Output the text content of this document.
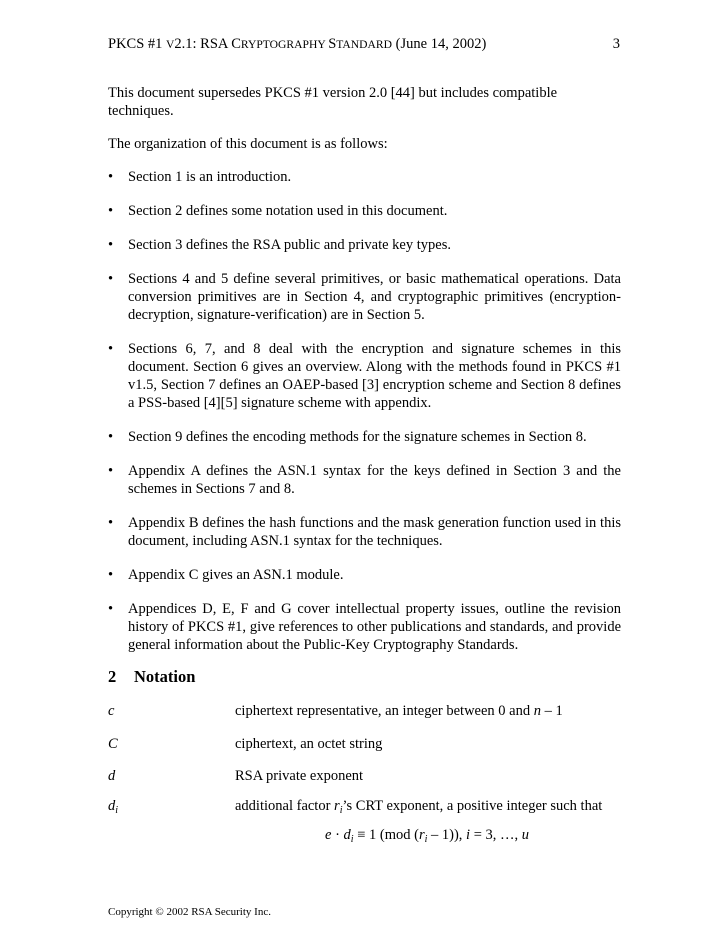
PKCS #1 V2.1: RSA CRYPTOGRAPHY STANDARD (June 14, 2002)	3

This document supersedes PKCS #1 version 2.0 [44] but includes compatible techniques.

The organization of this document is as follows:

• Section 1 is an introduction.
• Section 2 defines some notation used in this document.
• Section 3 defines the RSA public and private key types.
• Sections 4 and 5 define several primitives, or basic mathematical operations. Data conversion primitives are in Section 4, and cryptographic primitives (encryption-decryption, signature-verification) are in Section 5.
• Sections 6, 7, and 8 deal with the encryption and signature schemes in this document. Section 6 gives an overview. Along with the methods found in PKCS #1 v1.5, Section 7 defines an OAEP-based [3] encryption scheme and Section 8 defines a PSS-based [4][5] signature scheme with appendix.
• Section 9 defines the encoding methods for the signature schemes in Section 8.
• Appendix A defines the ASN.1 syntax for the keys defined in Section 3 and the schemes in Sections 7 and 8.
• Appendix B defines the hash functions and the mask generation function used in this document, including ASN.1 syntax for the techniques.
• Appendix C gives an ASN.1 module.
• Appendices D, E, F and G cover intellectual property issues, outline the revision history of PKCS #1, give references to other publications and standards, and provide general information about the Public-Key Cryptography Standards.
2 Notation
c	ciphertext representative, an integer between 0 and n – 1
C	ciphertext, an octet string
d	RSA private exponent
$d_i$	additional factor $r_i’s$ CRT exponent, a positive integer such that
$e \cdot d_i \equiv 1$ (mod $(r_i - 1)$), i = 3, …, u
Copyright © 2002 RSA Security Inc.
